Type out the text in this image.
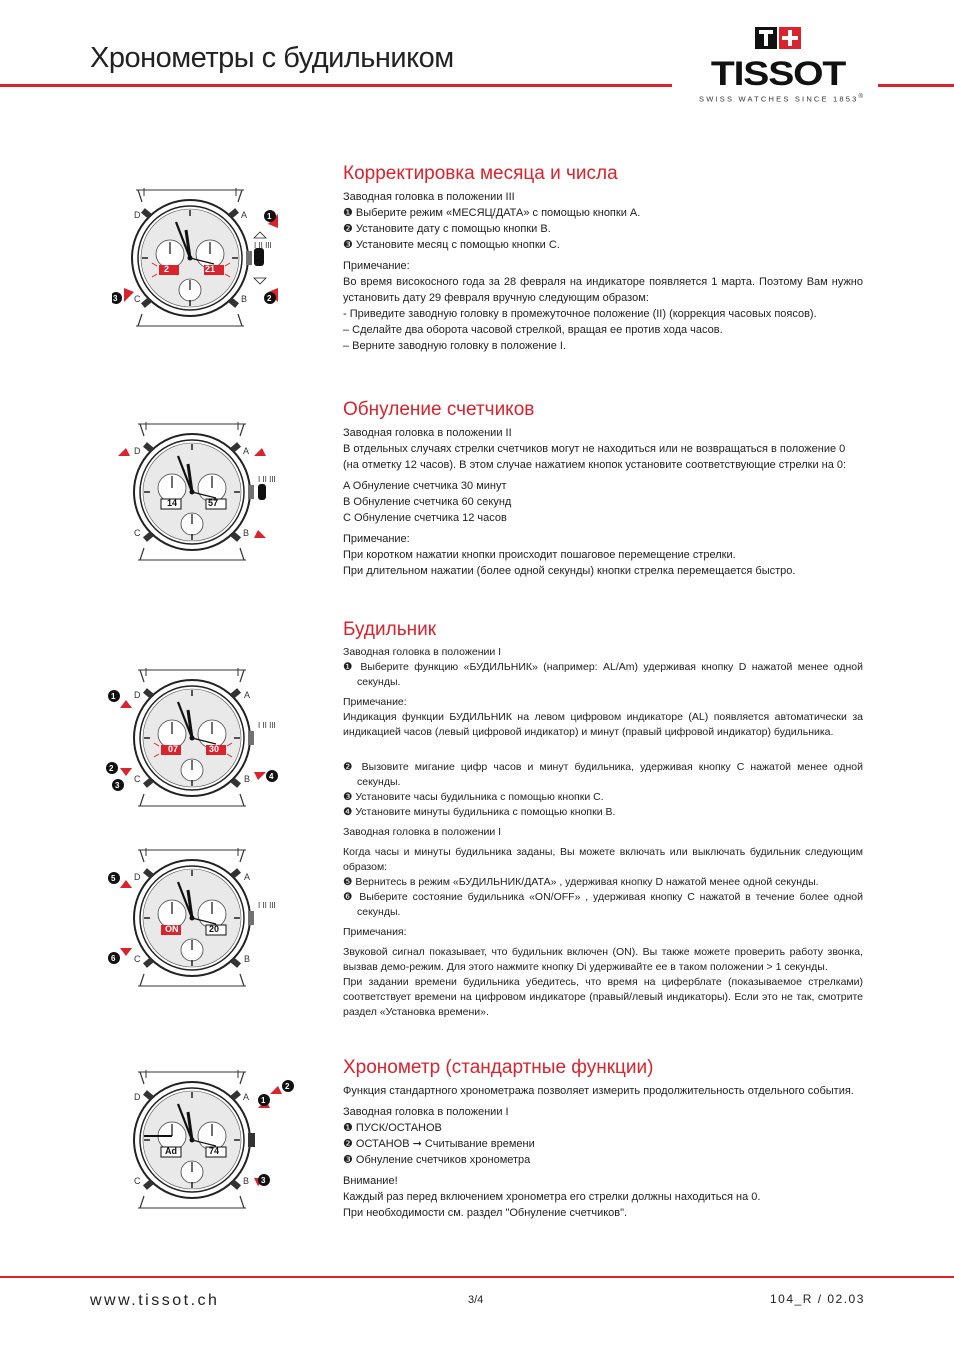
Хронометры с будильником	TISSOT
SWISS WATCHES SINCE 1853®
Корректировка месяца и числа

Заводная головка в положении III

❶ Выберите режим «МЕСЯЦ/ДАТА» с помощью кнопки А.

❷ Установите дату с помощью кнопки В.

❸ Установите месяц с помощью кнопки С.

Примечание:

Во время високосного года за 28 февраля на индикаторе появляется 1 марта. Поэтому Вам нужно установить дату 29 февраля вручную следующим образом:

- Приведите заводную головку в промежуточное положение (II) (коррекция часовых поясов).

– Сделайте два оборота часовой стрелкой, вращая ее против хода часов.

– Верните заводную головку в положение I.

Обнуление счетчиков

Заводная головка в положении II

В отдельных случаях стрелки счетчиков могут не находиться или не возвращаться в положение 0 (на отметку 12 часов). В этом случае нажатием кнопок установите соответствующие стрелки на 0:

A Обнуление счетчика 30 минут

B Обнуление счетчика 60 секунд

C Обнуление счетчика 12 часов

Примечание:

При коротком нажатии кнопки происходит пошаговое перемещение стрелки.

При длительном нажатии (более одной секунды) кнопки стрелка перемещается быстро.

Будильник

Заводная головка в положении I

❶ Выберите функцию «БУДИЛЬНИК» (например: AL/Am) удерживая кнопку D нажатой менее одной секунды.

Примечание:

Индикация функции БУДИЛЬНИК на левом цифровом индикаторе (AL) появляется автоматически за индикацией часов (левый цифровой индикатор) и минут (правый цифровой индикатор) будильника.

❷ Вызовите мигание цифр часов и минут будильника, удерживая кнопку С нажатой менее одной секунды.

❸ Установите часы будильника с помощью кнопки С.

❹ Установите минуты будильника с помощью кнопки В.

Заводная головка в положении I

Когда часы и минуты будильника заданы, Вы можете включать или выключать будильник следующим образом:

❺ Вернитесь в режим «БУДИЛЬНИК/ДАТА» , удерживая кнопку D нажатой менее одной секунды.

❻ Выберите состояние будильника «ON/OFF» , удерживая кнопку C нажатой в течение более одной секунды.

Примечания:

Звуковой сигнал показывает, что будильник включен (ON). Вы также можете проверить работу звонка, вызвав демо-режим. Для этого нажмите кнопку Di удерживайте ее в таком положении > 1 секунды.

При задании времени будильника убедитесь, что время на циферблате (показываемое стрелками) соответствует времени на цифровом индикаторе (правый/левый индикаторы). Если это не так, смотрите раздел «Установка времени».

Хронометр (стандартные функции)

Функция стандартного хронометража позволяет измерить продолжительность отдельного события.

Заводная головка в положении I

❶ ПУСК/ОСТАНОВ

❷ ОСТАНОВ ➞ Считывание времени

❸ Обнуление счетчиков хронометра

Внимание!

Каждый раз перед включением хронометра его стрелки должны находиться на 0.

При необходимости см. раздел "Обнуление счетчиков".

2	21
I II III
D	A
C	B
1
2
3
14	57
I II III
D	A
C	B
07	30
I II III
D	A
C	B
1
2
3
4
ON	20
I II III
D	A
C	B
5
6
Ad	74
D	A
C	B
1
2
3
www.tissot.ch	3/4	104_R / 02.03
